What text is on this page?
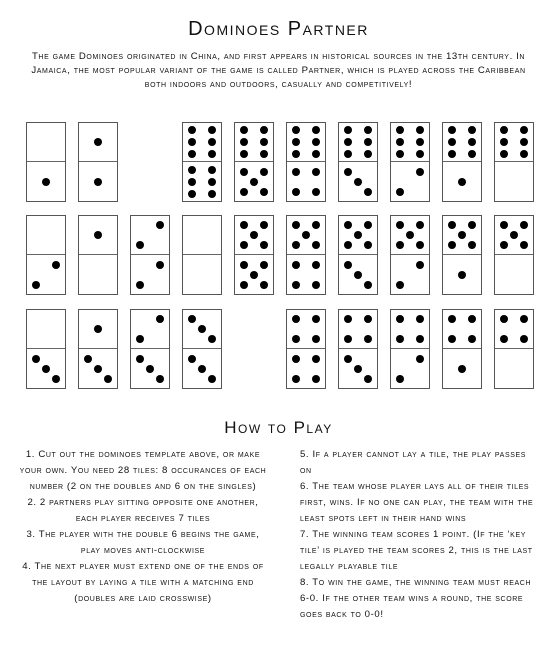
Dominoes Partner

The game Dominoes originated in China, and first appears in historical sources in the 13th century. In Jamaica, the most popular variant of the game is called Partner, which is played across the Caribbean both indoors and outdoors, casually and competitively!

How to Play

1. Cut out the dominoes template above, or make your own. You need 28 tiles: 8 occurances of each number (2 on the doubles and 6 on the singles)

2. 2 partners play sitting opposite one another, each player receives 7 tiles

3. The player with the double 6 begins the game, play moves anti-clockwise

4. The next player must extend one of the ends of the layout by laying a tile with a matching end (doubles are laid crosswise)

5. If a player cannot lay a tile, the play passes on

6. The team whose player lays all of their tiles first, wins. If no one can play, the team with the least spots left in their hand wins

7. The winning team scores 1 point. (If the ‘key tile’ is played the team scores 2, this is the last legally playable tile

8. To win the game, the winning team must reach 6-0. If the other team wins a round, the score goes back to 0-0!
